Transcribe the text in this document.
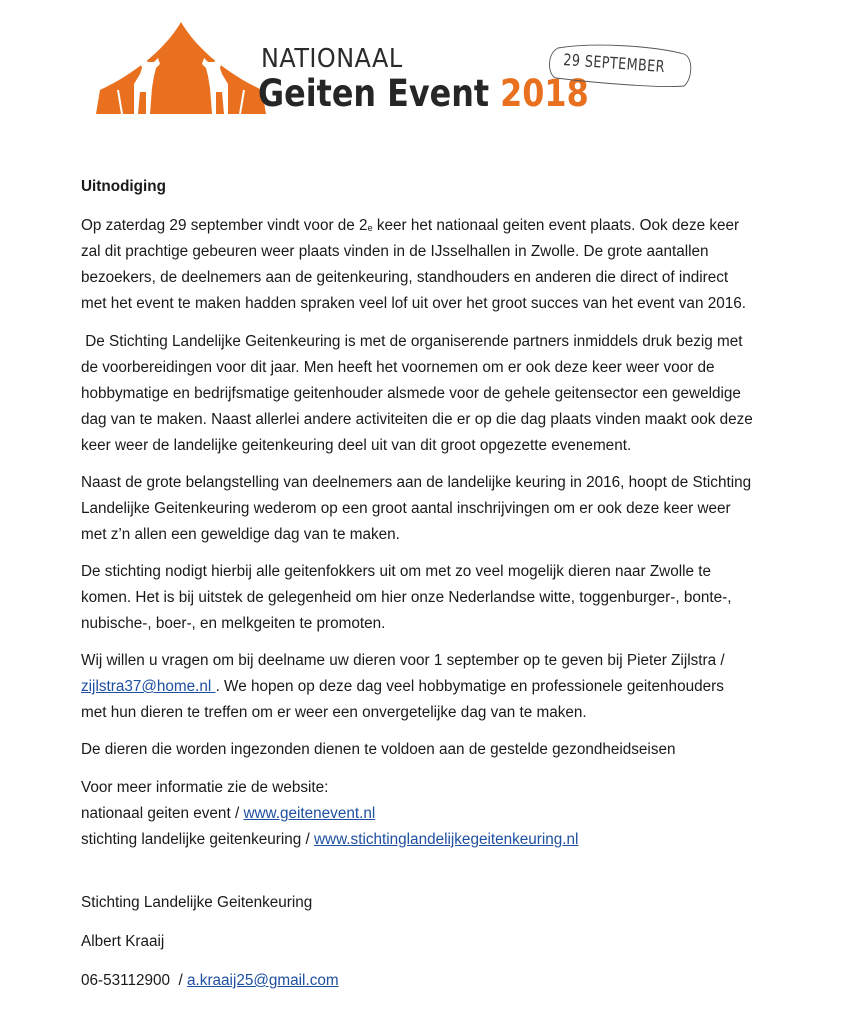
NATIONAAL
Geiten Event 2018
29 SEPTEMBER
Uitnodiging
Op zaterdag 29 september vindt voor de 2e keer het nationaal geiten event plaats. Ook deze keer
zal dit prachtige gebeuren weer plaats vinden in de IJsselhallen in Zwolle. De grote aantallen
bezoekers, de deelnemers aan de geitenkeuring, standhouders en anderen die direct of indirect
met het event te maken hadden spraken veel lof uit over het groot succes van het event van 2016.
De Stichting Landelijke Geitenkeuring is met de organiserende partners inmiddels druk bezig met
de voorbereidingen voor dit jaar. Men heeft het voornemen om er ook deze keer weer voor de
hobbymatige en bedrijfsmatige geitenhouder alsmede voor de gehele geitensector een geweldige
dag van te maken. Naast allerlei andere activiteiten die er op die dag plaats vinden maakt ook deze
keer weer de landelijke geitenkeuring deel uit van dit groot opgezette evenement.
Naast de grote belangstelling van deelnemers aan de landelijke keuring in 2016, hoopt de Stichting
Landelijke Geitenkeuring wederom op een groot aantal inschrijvingen om er ook deze keer weer
met z’n allen een geweldige dag van te maken.
De stichting nodigt hierbij alle geitenfokkers uit om met zo veel mogelijk dieren naar Zwolle te
komen. Het is bij uitstek de gelegenheid om hier onze Nederlandse witte, toggenburger-, bonte-,
nubische-, boer-, en melkgeiten te promoten.
Wij willen u vragen om bij deelname uw dieren voor 1 september op te geven bij Pieter Zijlstra /
zijlstra37@home.nl . We hopen op deze dag veel hobbymatige en professionele geitenhouders
met hun dieren te treffen om er weer een onvergetelijke dag van te maken.
De dieren die worden ingezonden dienen te voldoen aan de gestelde gezondheidseisen
Voor meer informatie zie de website:
nationaal geiten event / www.geitenevent.nl
stichting landelijke geitenkeuring / www.stichtinglandelijkegeitenkeuring.nl
Stichting Landelijke Geitenkeuring
Albert Kraaij
06-53112900  / a.kraaij25@gmail.com
